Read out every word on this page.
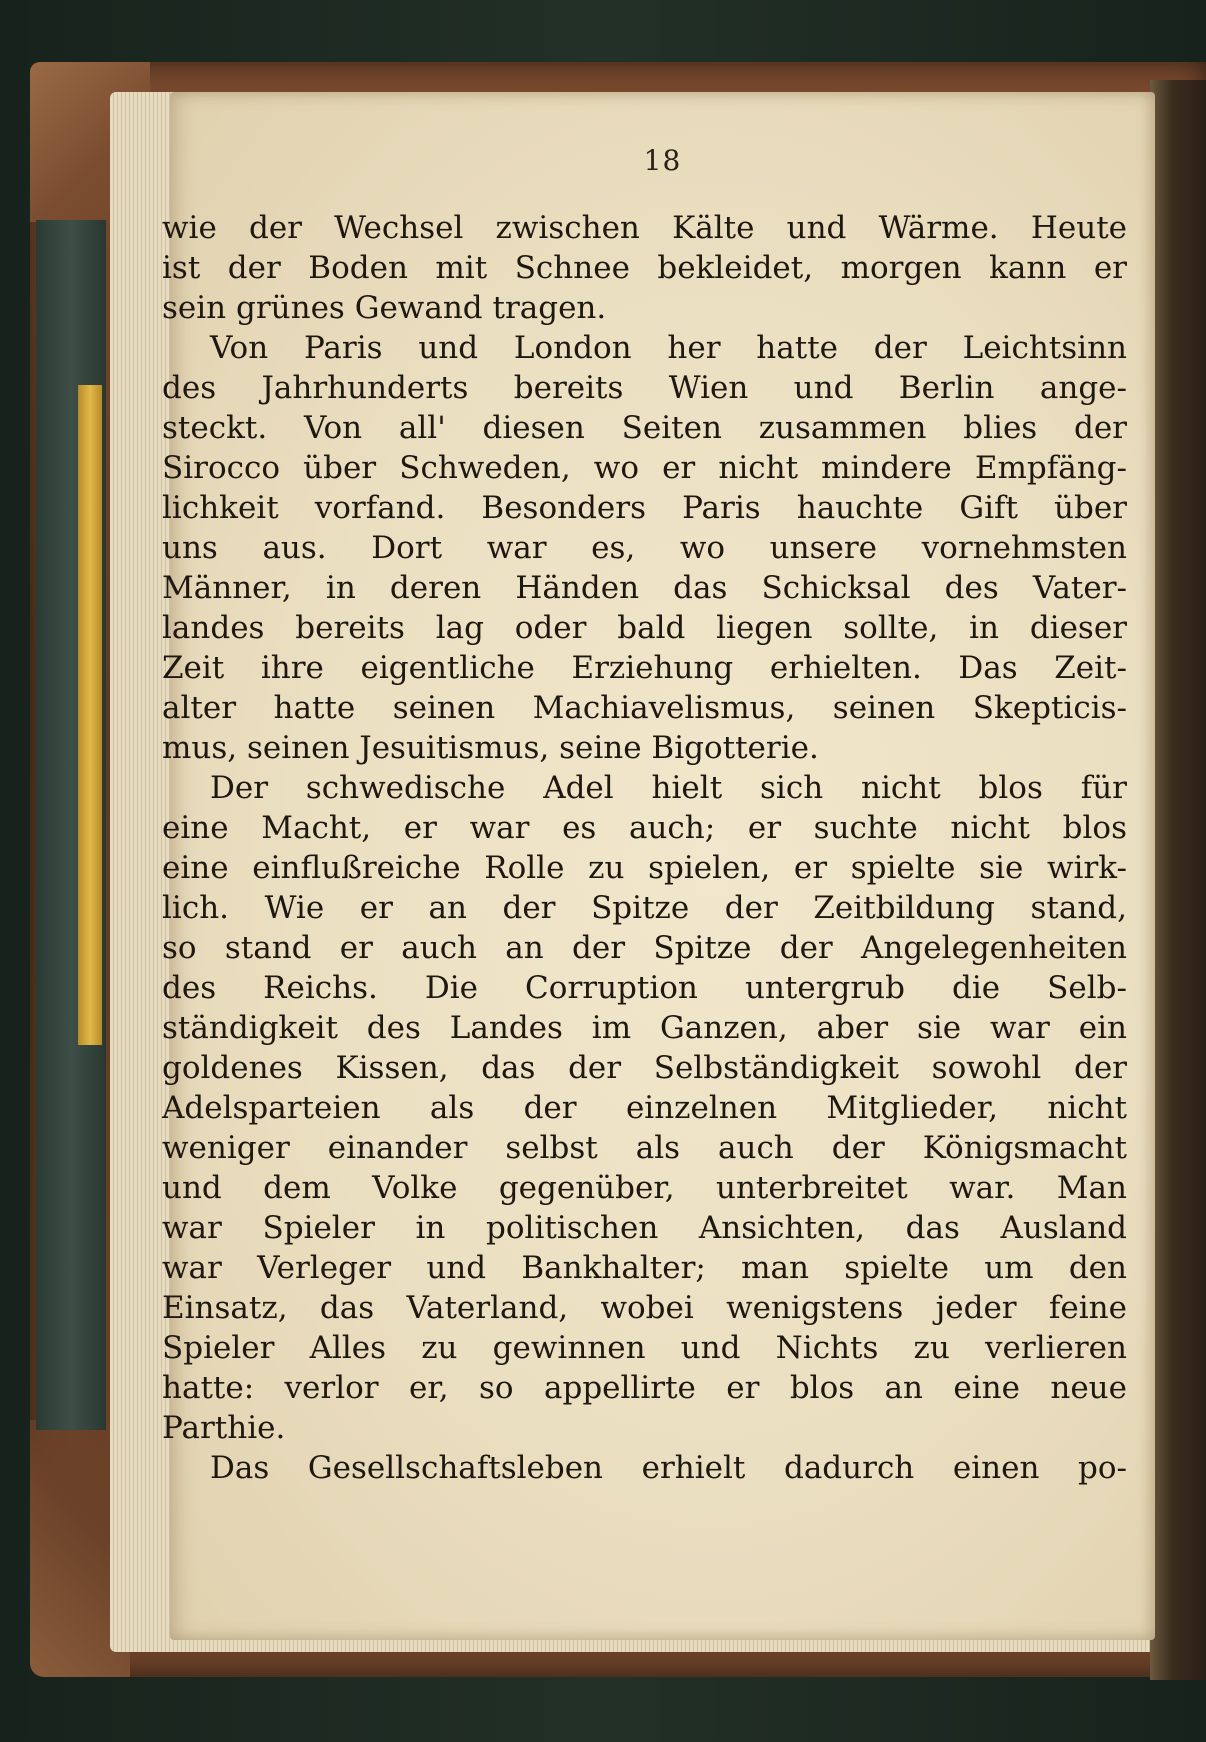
18
wie der Wechsel zwischen Kälte und Wärme. Heute
ist der Boden mit Schnee bekleidet, morgen kann er
sein grünes Gewand tragen.
Von Paris und London her hatte der Leichtsinn
des Jahrhunderts bereits Wien und Berlin ange-
steckt. Von all' diesen Seiten zusammen blies der
Sirocco über Schweden, wo er nicht mindere Empfäng-
lichkeit vorfand. Besonders Paris hauchte Gift über
uns aus. Dort war es, wo unsere vornehmsten
Männer, in deren Händen das Schicksal des Vater-
landes bereits lag oder bald liegen sollte, in dieser
Zeit ihre eigentliche Erziehung erhielten. Das Zeit-
alter hatte seinen Machiavelismus, seinen Skepticis-
mus, seinen Jesuitismus, seine Bigotterie.
Der schwedische Adel hielt sich nicht blos für
eine Macht, er war es auch; er suchte nicht blos
eine einflußreiche Rolle zu spielen, er spielte sie wirk-
lich. Wie er an der Spitze der Zeitbildung stand,
so stand er auch an der Spitze der Angelegenheiten
des Reichs. Die Corruption untergrub die Selb-
ständigkeit des Landes im Ganzen, aber sie war ein
goldenes Kissen, das der Selbständigkeit sowohl der
Adelsparteien als der einzelnen Mitglieder, nicht
weniger einander selbst als auch der Königsmacht
und dem Volke gegenüber, unterbreitet war. Man
war Spieler in politischen Ansichten, das Ausland
war Verleger und Bankhalter; man spielte um den
Einsatz, das Vaterland, wobei wenigstens jeder feine
Spieler Alles zu gewinnen und Nichts zu verlieren
hatte: verlor er, so appellirte er blos an eine neue
Parthie.
Das Gesellschaftsleben erhielt dadurch einen po-
